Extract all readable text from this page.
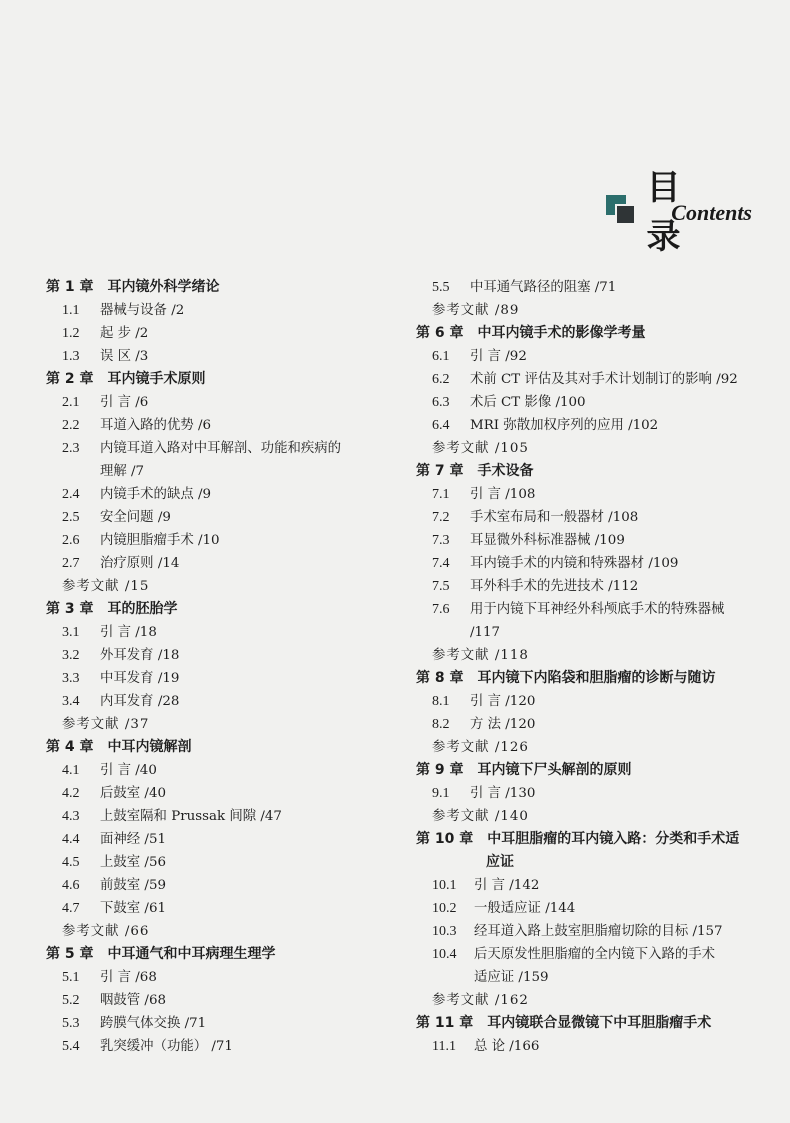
目 录
Contents
第 1 章 耳内镜外科学绪论
1.1 器械与设备 /2
1.2 起 步 /2
1.3 误 区 /3
第 2 章 耳内镜手术原则
2.1 引 言 /6
2.2 耳道入路的优势 /6
2.3 内镜耳道入路对中耳解剖、功能和疾病的
理解 /7
2.4 内镜手术的缺点 /9
2.5 安全问题 /9
2.6 内镜胆脂瘤手术 /10
2.7 治疗原则 /14
参考文献 /15
第 3 章 耳的胚胎学
3.1 引 言 /18
3.2 外耳发育 /18
3.3 中耳发育 /19
3.4 内耳发育 /28
参考文献 /37
第 4 章 中耳内镜解剖
4.1 引 言 /40
4.2 后鼓室 /40
4.3 上鼓室隔和 Prussak 间隙 /47
4.4 面神经 /51
4.5 上鼓室 /56
4.6 前鼓室 /59
4.7 下鼓室 /61
参考文献 /66
第 5 章 中耳通气和中耳病理生理学
5.1 引 言 /68
5.2 咽鼓管 /68
5.3 跨膜气体交换 /71
5.4 乳突缓冲（功能） /71
5.5 中耳通气路径的阻塞 /71
参考文献 /89
第 6 章 中耳内镜手术的影像学考量
6.1 引 言 /92
6.2 术前 CT 评估及其对手术计划制订的影响 /92
6.3 术后 CT 影像 /100
6.4 MRI 弥散加权序列的应用 /102
参考文献 /105
第 7 章 手术设备
7.1 引 言 /108
7.2 手术室布局和一般器材 /108
7.3 耳显微外科标准器械 /109
7.4 耳内镜手术的内镜和特殊器材 /109
7.5 耳外科手术的先进技术 /112
7.6 用于内镜下耳神经外科颅底手术的特殊器械
/117
参考文献 /118
第 8 章 耳内镜下内陷袋和胆脂瘤的诊断与随访
8.1 引 言 /120
8.2 方 法 /120
参考文献 /126
第 9 章 耳内镜下尸头解剖的原则
9.1 引 言 /130
参考文献 /140
第 10 章 中耳胆脂瘤的耳内镜入路：分类和手术适
应证
10.1 引 言 /142
10.2 一般适应证 /144
10.3 经耳道入路上鼓室胆脂瘤切除的目标 /157
10.4 后天原发性胆脂瘤的全内镜下入路的手术
适应证 /159
参考文献 /162
第 11 章 耳内镜联合显微镜下中耳胆脂瘤手术
11.1 总 论 /166
